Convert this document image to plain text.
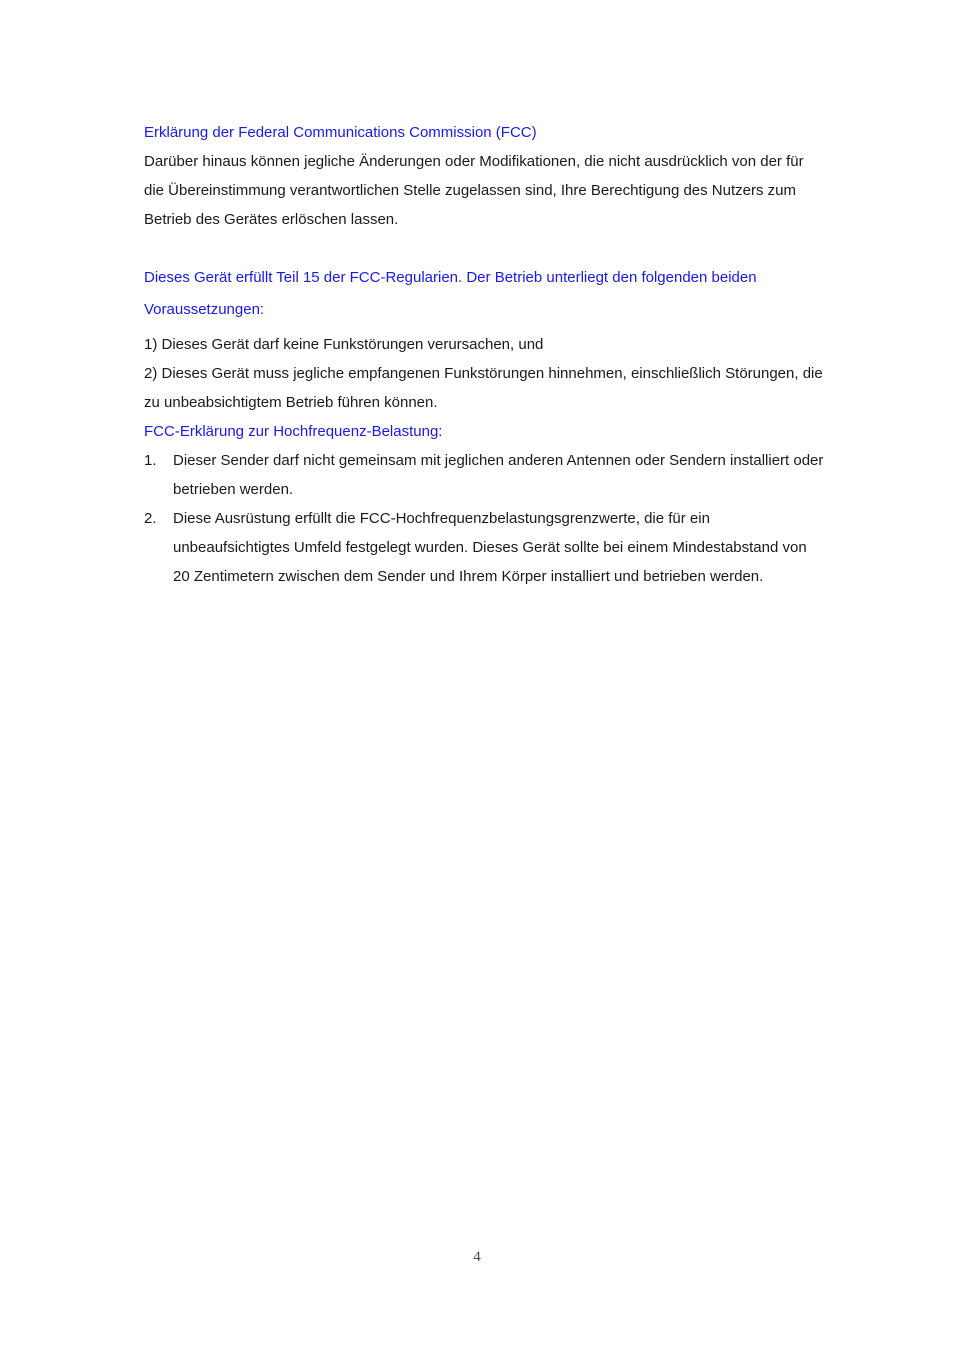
Erklärung der Federal Communications Commission (FCC)

Darüber hinaus können jegliche Änderungen oder Modifikationen, die nicht ausdrücklich von der für die Übereinstimmung verantwortlichen Stelle zugelassen sind, Ihre Berechtigung des Nutzers zum Betrieb des Gerätes erlöschen lassen.

Dieses Gerät erfüllt Teil 15 der FCC-Regularien. Der Betrieb unterliegt den folgenden beiden Voraussetzungen:

1) Dieses Gerät darf keine Funkstörungen verursachen, und

2) Dieses Gerät muss jegliche empfangenen Funkstörungen hinnehmen, einschließlich Störungen, die zu unbeabsichtigtem Betrieb führen können.

FCC-Erklärung zur Hochfrequenz-Belastung:

1. Dieser Sender darf nicht gemeinsam mit jeglichen anderen Antennen oder Sendern installiert oder betrieben werden.
2. Diese Ausrüstung erfüllt die FCC-Hochfrequenzbelastungsgrenzwerte, die für ein unbeaufsichtigtes Umfeld festgelegt wurden. Dieses Gerät sollte bei einem Mindestabstand von 20 Zentimetern zwischen dem Sender und Ihrem Körper installiert und betrieben werden.
4
